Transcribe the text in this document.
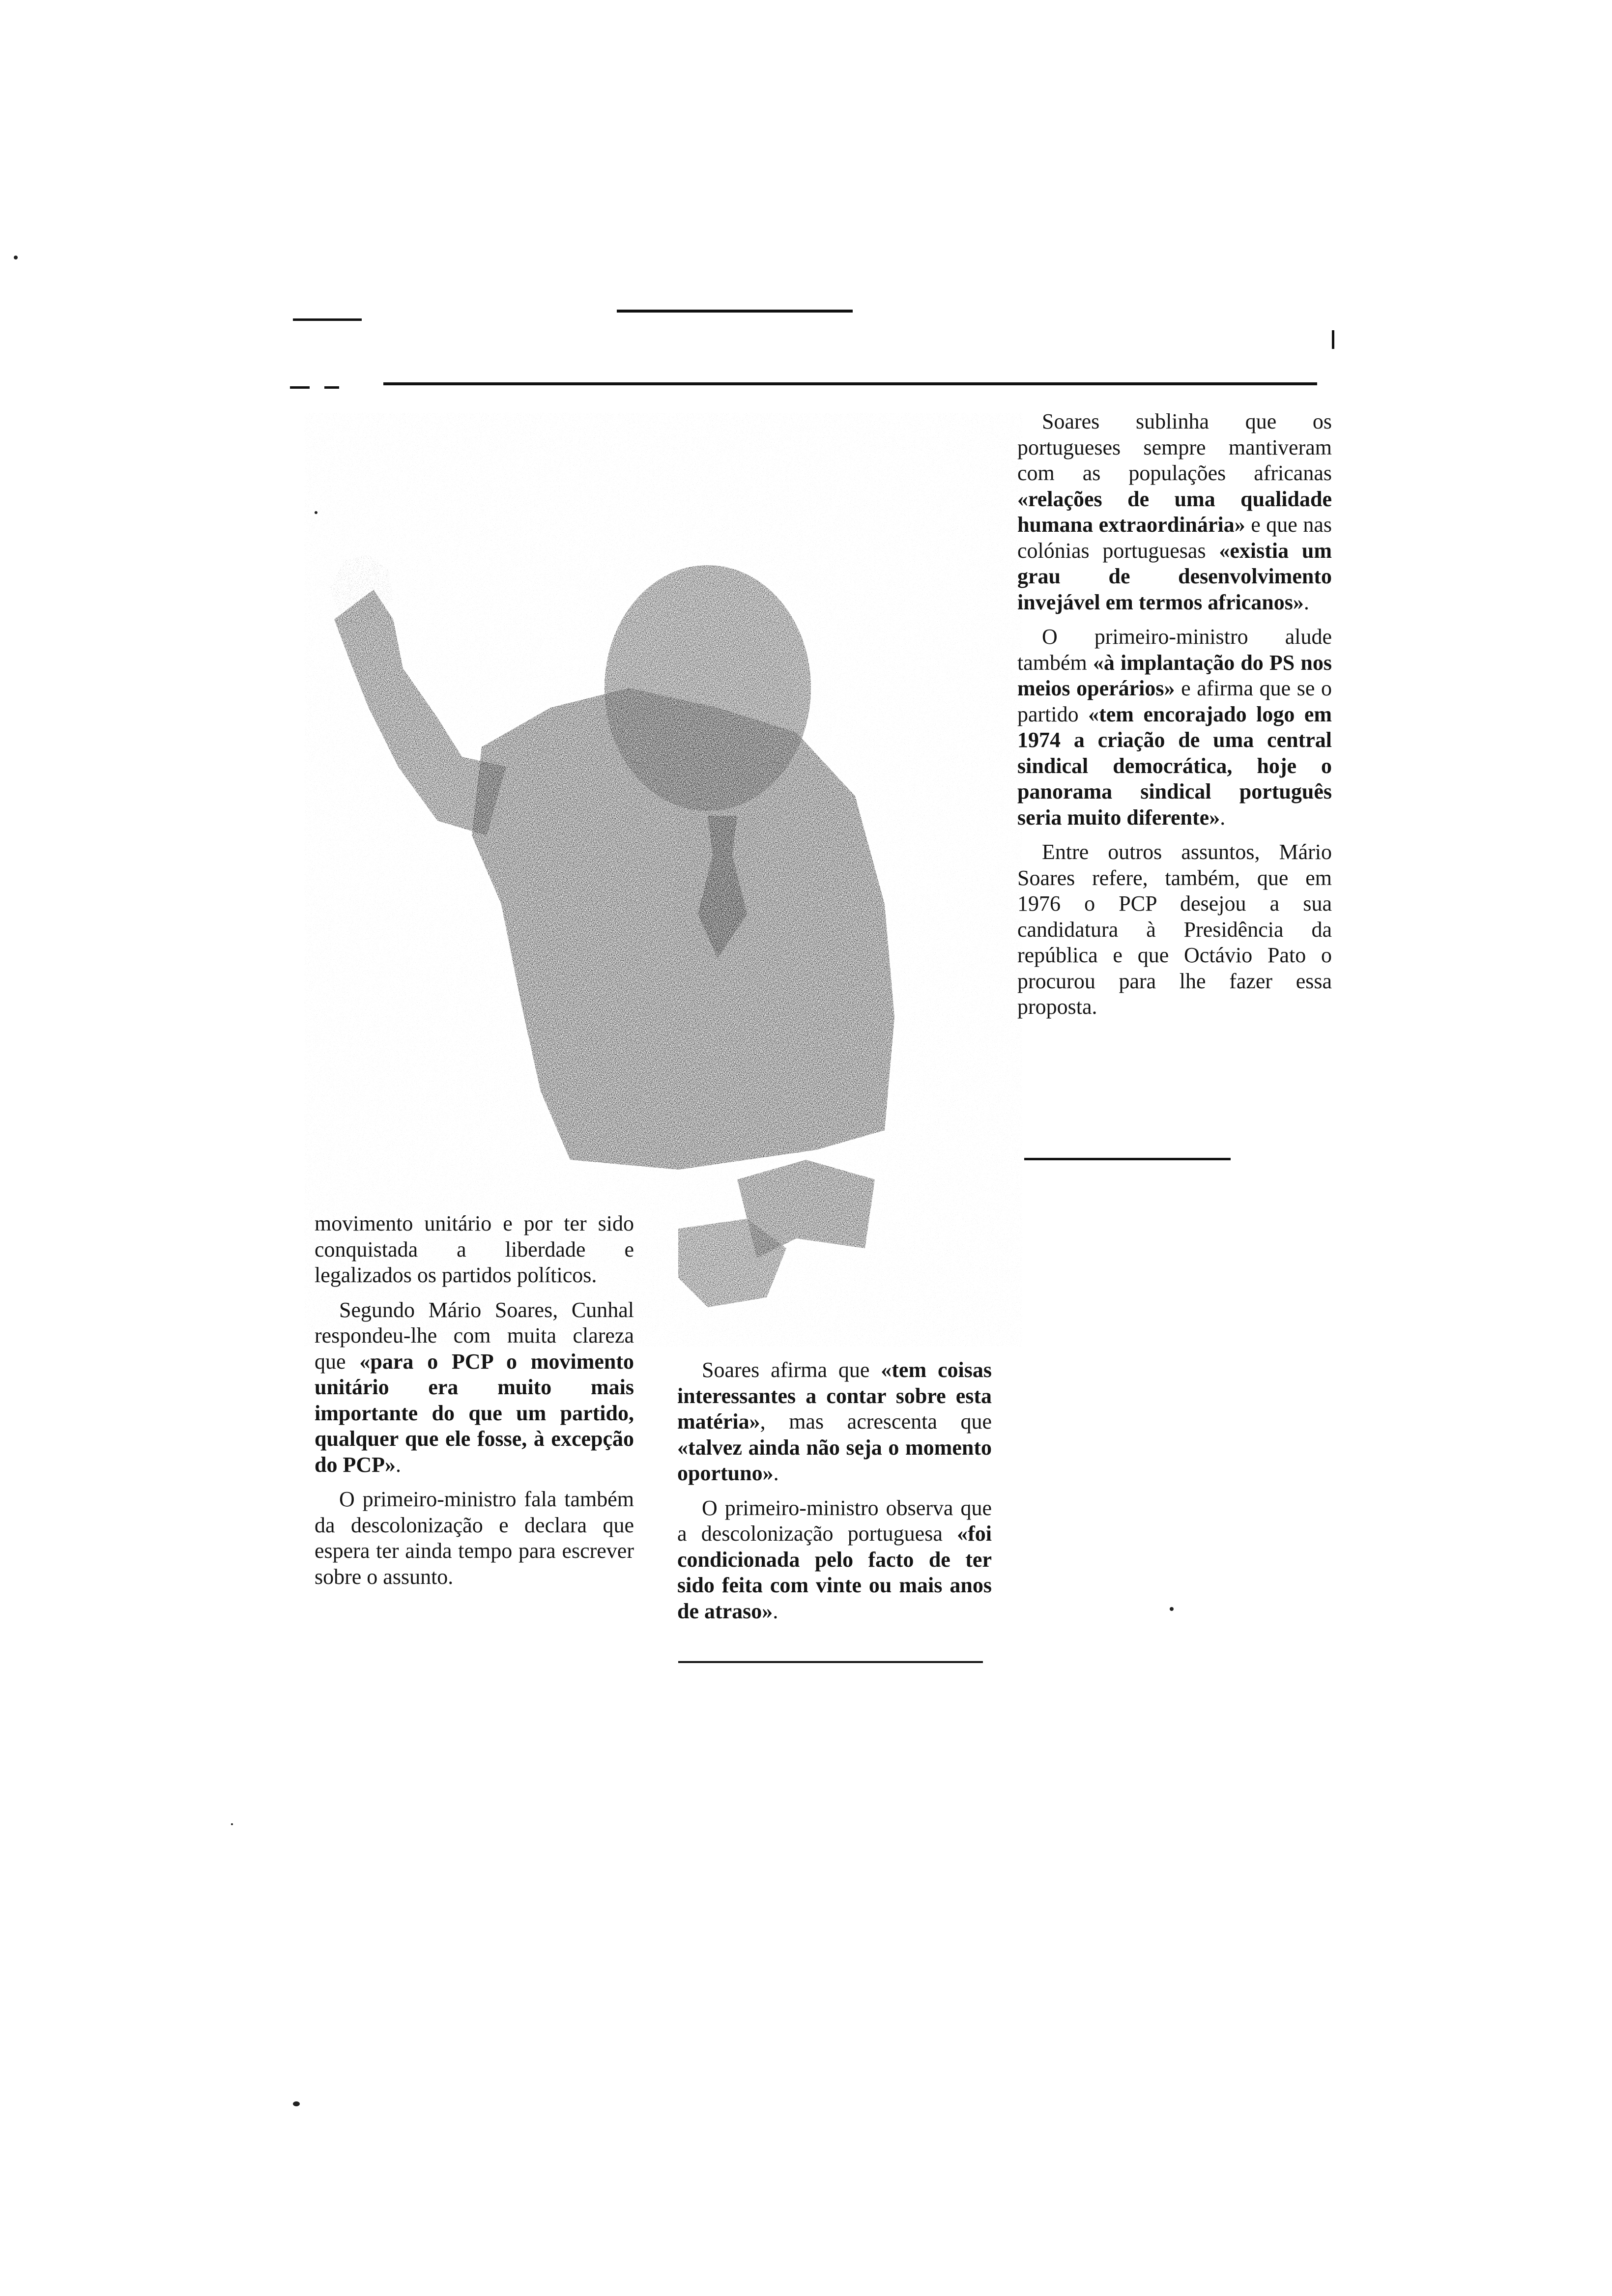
movimento unitário e por ter sido conquistada a liberdade e legalizados os partidos políticos.

Segundo Mário Soares, Cunhal respondeu-lhe com muita clareza que «para o PCP o movimento unitário era muito mais importante do que um partido, qualquer que ele fosse, à excepção do PCP».

O primeiro-ministro fala também da descolonização e declara que espera ter ainda tempo para escrever sobre o assunto.

Soares afirma que «tem coisas interessantes a contar sobre esta matéria», mas acrescenta que «talvez ainda não seja o momento oportuno».

O primeiro-ministro observa que a descolonização portuguesa «foi condicionada pelo facto de ter sido feita com vinte ou mais anos de atraso».

Soares sublinha que os portugueses sempre mantiveram com as populações africanas «relações de uma qualidade humana extraordinária» e que nas colónias portuguesas «existia um grau de desenvolvimento invejável em termos africanos».

O primeiro-ministro alude também «à implantação do PS nos meios operários» e afirma que se o partido «tem encorajado logo em 1974 a criação de uma central sindical democrática, hoje o panorama sindical português seria muito diferente».

Entre outros assuntos, Mário Soares refere, também, que em 1976 o PCP desejou a sua candidatura à Presidência da república e que Octávio Pato o procurou para lhe fazer essa proposta.
